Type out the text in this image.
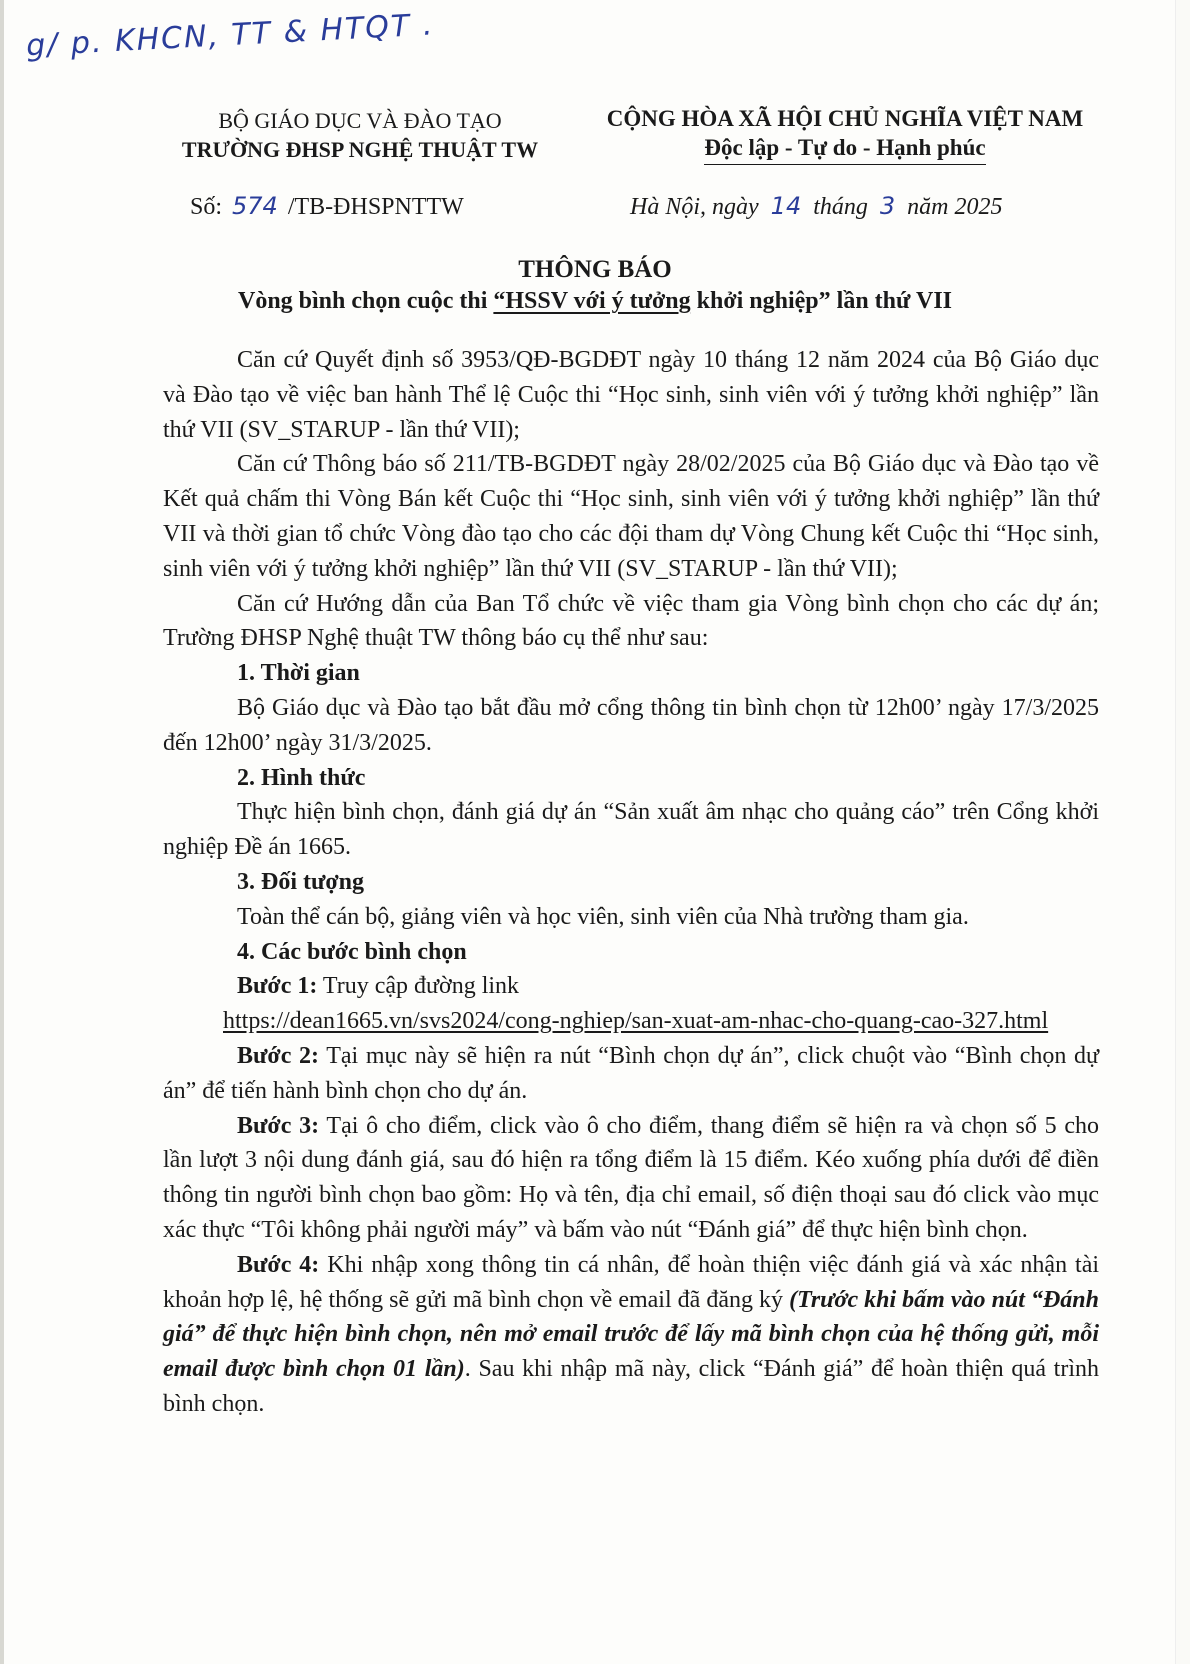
g/ p. KHCN, TT & HTQT .
BỘ GIÁO DỤC VÀ ĐÀO TẠO
TRƯỜNG ĐHSP NGHỆ THUẬT TW
CỘNG HÒA XÃ HỘI CHỦ NGHĨA VIỆT NAM
Độc lập - Tự do - Hạnh phúc
Số: 574 /TB-ĐHSPNTTW	Hà Nội, ngày 14 tháng 3 năm 2025
THÔNG BÁO
Vòng bình chọn cuộc thi “HSSV với ý tưởng khởi nghiệp” lần thứ VII

Căn cứ Quyết định số 3953/QĐ-BGDĐT ngày 10 tháng 12 năm 2024 của Bộ Giáo dục và Đào tạo về việc ban hành Thể lệ Cuộc thi “Học sinh, sinh viên với ý tưởng khởi nghiệp” lần thứ VII (SV_STARUP - lần thứ VII);

Căn cứ Thông báo số 211/TB-BGDĐT ngày 28/02/2025 của Bộ Giáo dục và Đào tạo về Kết quả chấm thi Vòng Bán kết Cuộc thi “Học sinh, sinh viên với ý tưởng khởi nghiệp” lần thứ VII và thời gian tổ chức Vòng đào tạo cho các đội tham dự Vòng Chung kết Cuộc thi “Học sinh, sinh viên với ý tưởng khởi nghiệp” lần thứ VII (SV_STARUP - lần thứ VII);

Căn cứ Hướng dẫn của Ban Tổ chức về việc tham gia Vòng bình chọn cho các dự án; Trường ĐHSP Nghệ thuật TW thông báo cụ thể như sau:

1. Thời gian

Bộ Giáo dục và Đào tạo bắt đầu mở cổng thông tin bình chọn từ 12h00’ ngày 17/3/2025 đến 12h00’ ngày 31/3/2025.

2. Hình thức

Thực hiện bình chọn, đánh giá dự án “Sản xuất âm nhạc cho quảng cáo” trên Cổng khởi nghiệp Đề án 1665.

3. Đối tượng

Toàn thể cán bộ, giảng viên và học viên, sinh viên của Nhà trường tham gia.

4. Các bước bình chọn

Bước 1: Truy cập đường link

https://dean1665.vn/svs2024/cong-nghiep/san-xuat-am-nhac-cho-quang-cao-327.html

Bước 2: Tại mục này sẽ hiện ra nút “Bình chọn dự án”, click chuột vào “Bình chọn dự án” để tiến hành bình chọn cho dự án.

Bước 3: Tại ô cho điểm, click vào ô cho điểm, thang điểm sẽ hiện ra và chọn số 5 cho lần lượt 3 nội dung đánh giá, sau đó hiện ra tổng điểm là 15 điểm. Kéo xuống phía dưới để điền thông tin người bình chọn bao gồm: Họ và tên, địa chỉ email, số điện thoại sau đó click vào mục xác thực “Tôi không phải người máy” và bấm vào nút “Đánh giá” để thực hiện bình chọn.

Bước 4: Khi nhập xong thông tin cá nhân, để hoàn thiện việc đánh giá và xác nhận tài khoản hợp lệ, hệ thống sẽ gửi mã bình chọn về email đã đăng ký (Trước khi bấm vào nút “Đánh giá” để thực hiện bình chọn, nên mở email trước để lấy mã bình chọn của hệ thống gửi, mỗi email được bình chọn 01 lần). Sau khi nhập mã này, click “Đánh giá” để hoàn thiện quá trình bình chọn.
